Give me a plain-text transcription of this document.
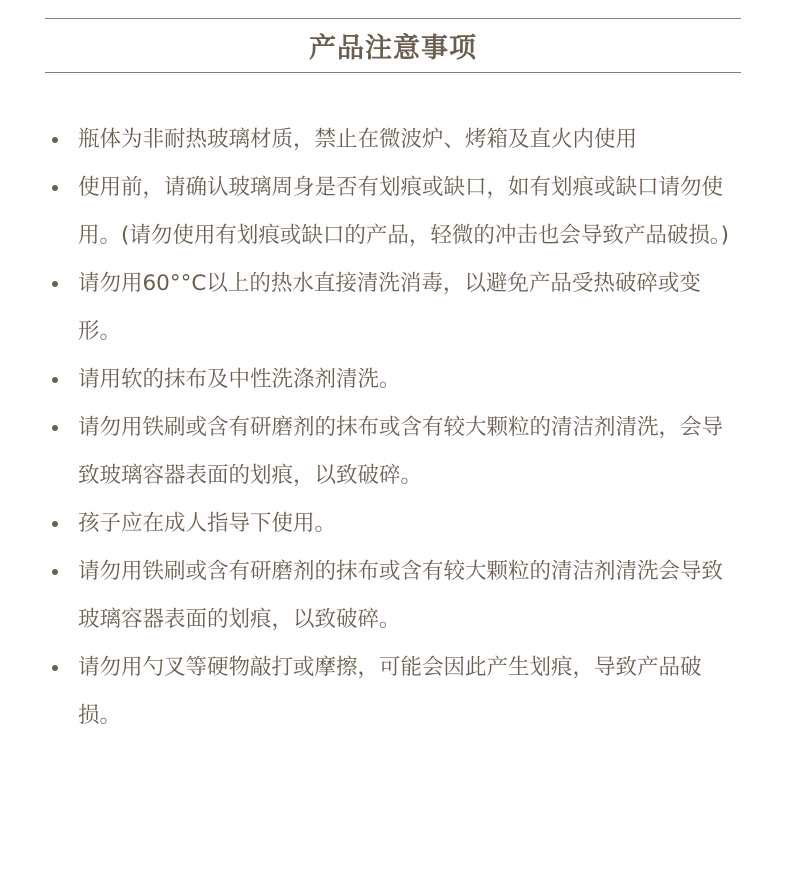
产品注意事项
瓶体为非耐热玻璃材质，禁止在微波炉、烤箱及直火内使用
使用前，请确认玻璃周身是否有划痕或缺口，如有划痕或缺口请勿使用。(请勿使用有划痕或缺口的产品，轻微的冲击也会导致产品破损。)
请勿用60°°C以上的热水直接清洗消毒，以避免产品受热破碎或变形。
请用软的抹布及中性洗涤剂清洗。
请勿用铁刷或含有研磨剂的抹布或含有较大颗粒的清洁剂清洗，会导致玻璃容器表面的划痕，以致破碎。
孩子应在成人指导下使用。
请勿用铁刷或含有研磨剂的抹布或含有较大颗粒的清洁剂清洗会导致玻璃容器表面的划痕，以致破碎。
请勿用勺叉等硬物敲打或摩擦，可能会因此产生划痕，导致产品破损。
